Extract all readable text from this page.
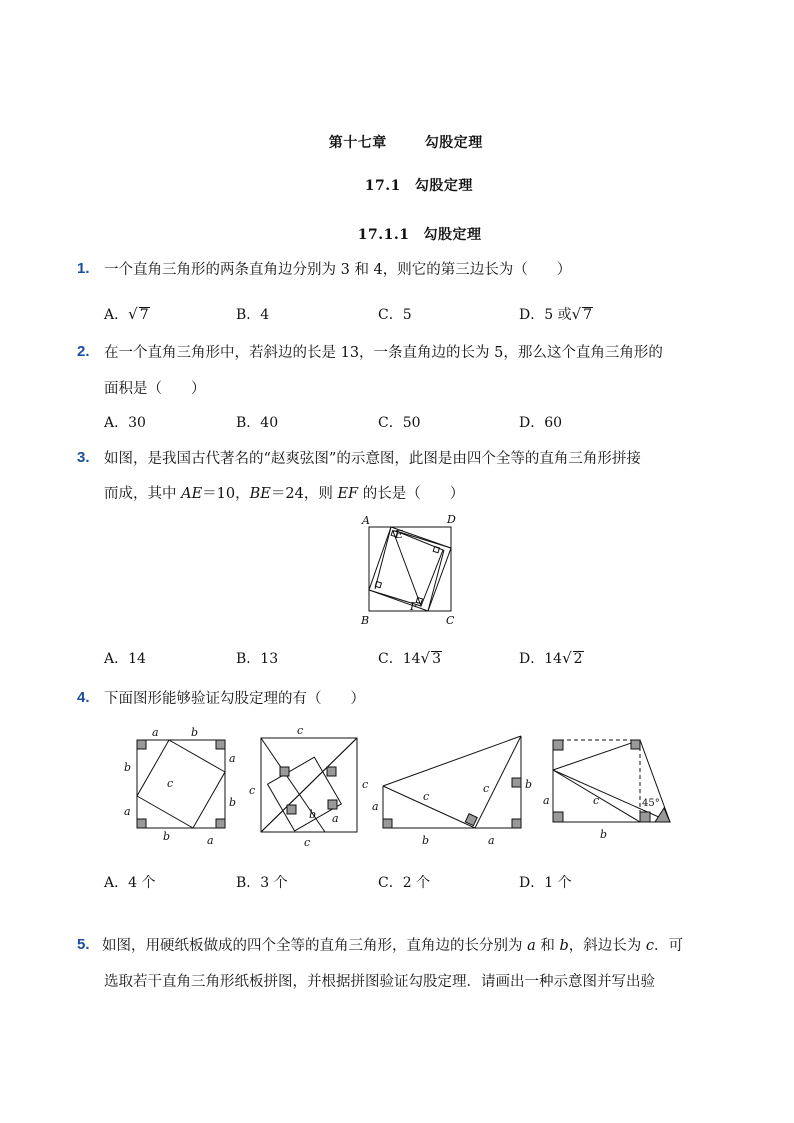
第十七章	勾股定理

17.1 勾股定理

17.1.1 勾股定理

1. 一个直角三角形的两条直角边分别为 3 和 4，则它的第三边长为（　　）
A．√ 7	B．4	C．5	D．5 或√ 7
2. 在一个直角三角形中，若斜边的长是 13，一条直角边的长为 5，那么这个直角三角形的
面积是（　　）
A．30	B．40	C．50	D．60
3. 如图，是我国古代著名的“赵爽弦图”的示意图，此图是由四个全等的直角三角形拼接
而成，其中 AE＝10，BE＝24，则 EF 的长是（　　）
A	D
E
B
F
C
A．14	B．13	C．14√ 3	D．14√ 2
4. 下面图形能够验证勾股定理的有（　　）
a	b
a
b
b
a
b	a
c
c
c	c
c
b a
a
b	a
b
c
c
a	c
b
45°
A．4 个	B．3 个	C．2 个	D．1 个
5. 如图，用硬纸板做成的四个全等的直角三角形，直角边的长分别为 a 和 b，斜边长为 c．可
选取若干直角三角形纸板拼图，并根据拼图验证勾股定理．请画出一种示意图并写出验
